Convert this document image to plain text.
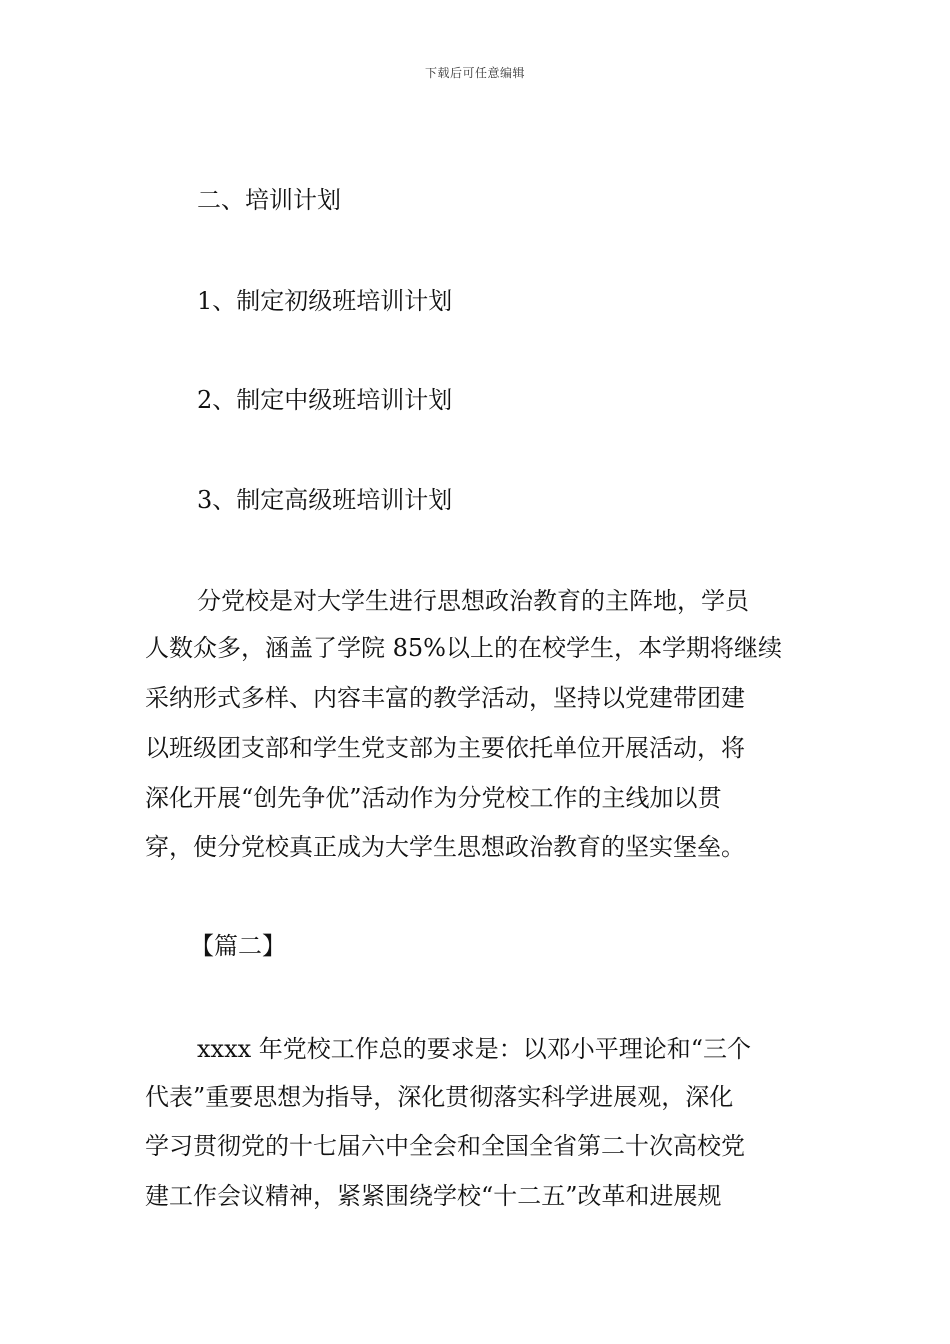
下载后可任意编辑
二、培训计划
1、制定初级班培训计划
2、制定中级班培训计划
3、制定高级班培训计划
分党校是对大学生进行思想政治教育的主阵地，学员
人数众多，涵盖了学院 85%以上的在校学生，本学期将继续
采纳形式多样、内容丰富的教学活动，坚持以党建带团建
以班级团支部和学生党支部为主要依托单位开展活动，将
深化开展“创先争优”活动作为分党校工作的主线加以贯
穿，使分党校真正成为大学生思想政治教育的坚实堡垒。
【篇二】
xxxx 年党校工作总的要求是：以邓小平理论和“三个
代表”重要思想为指导，深化贯彻落实科学进展观，深化
学习贯彻党的十七届六中全会和全国全省第二十次高校党
建工作会议精神，紧紧围绕学校“十二五”改革和进展规
